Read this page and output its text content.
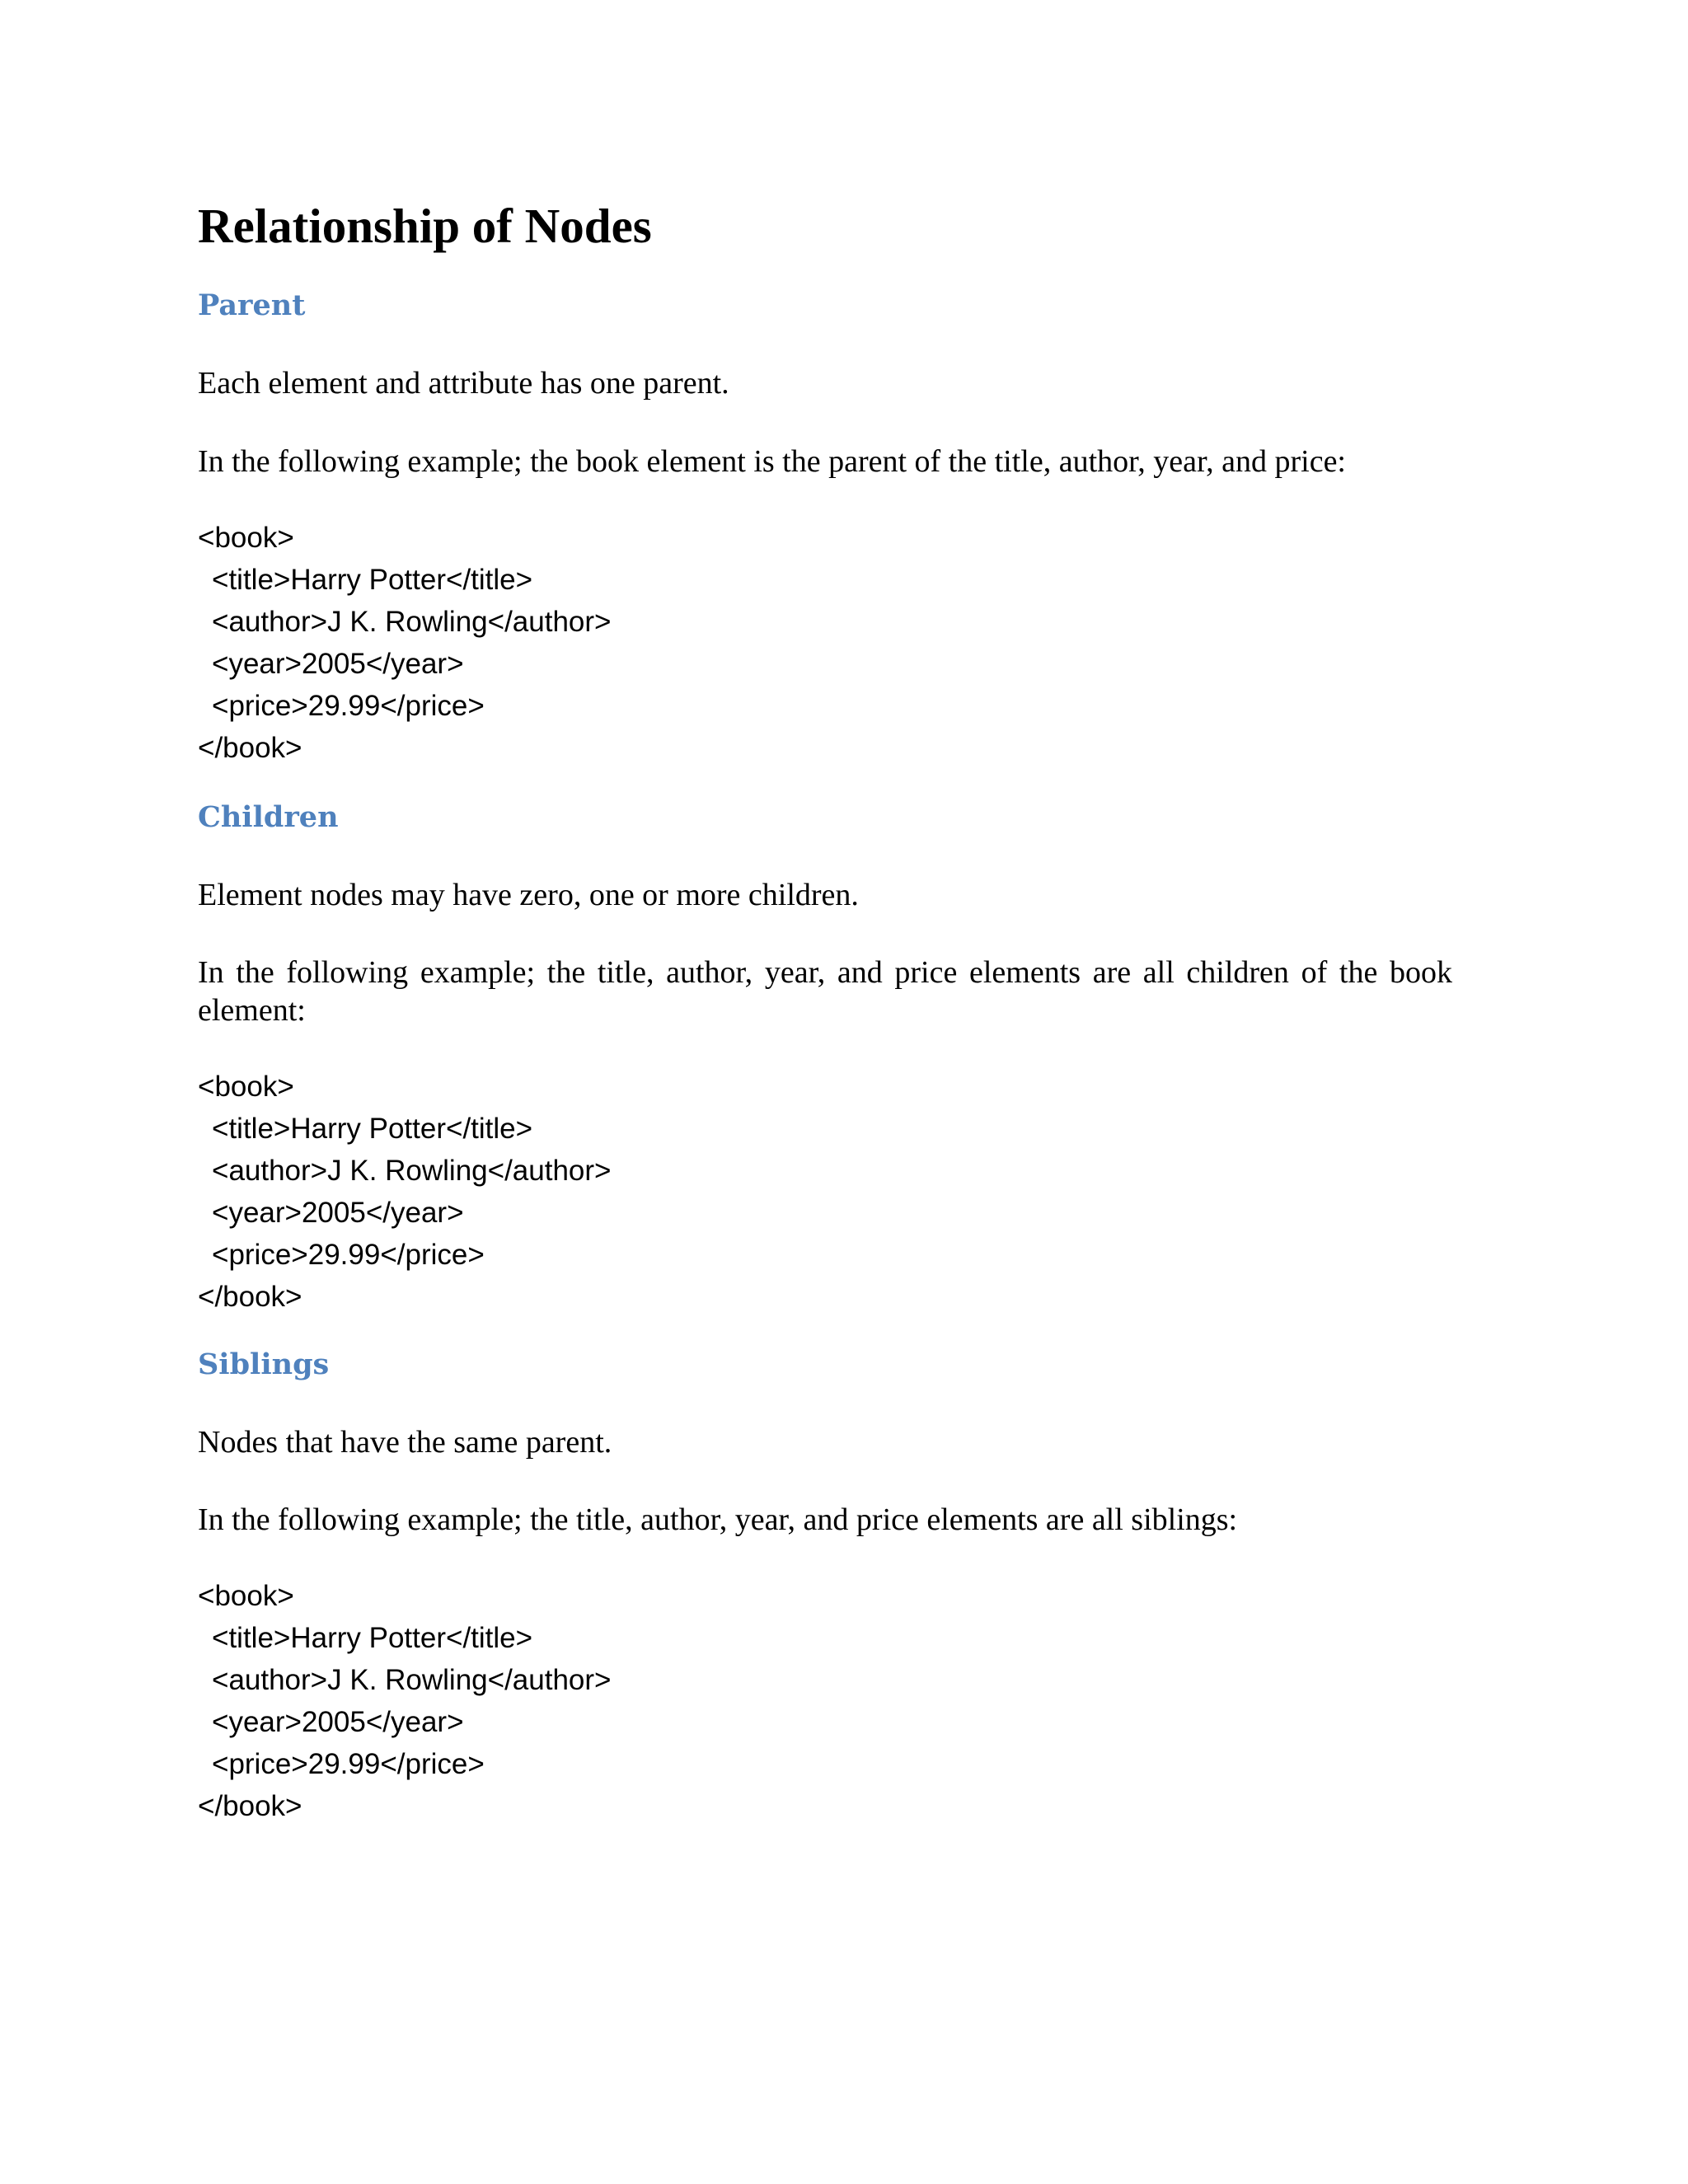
Relationship of Nodes
Parent

Each element and attribute has one parent.

In the following example; the book element is the parent of the title, author, year, and price:

<book>
<title>Harry Potter</title>
<author>J K. Rowling</author>
<year>2005</year>
<price>29.99</price>
</book>
Children

Element nodes may have zero, one or more children.

In the following example; the title, author, year, and price elements are all children of the book element:

<book>
<title>Harry Potter</title>
<author>J K. Rowling</author>
<year>2005</year>
<price>29.99</price>
</book>
Siblings

Nodes that have the same parent.

In the following example; the title, author, year, and price elements are all siblings:

<book>
<title>Harry Potter</title>
<author>J K. Rowling</author>
<year>2005</year>
<price>29.99</price>
</book>
